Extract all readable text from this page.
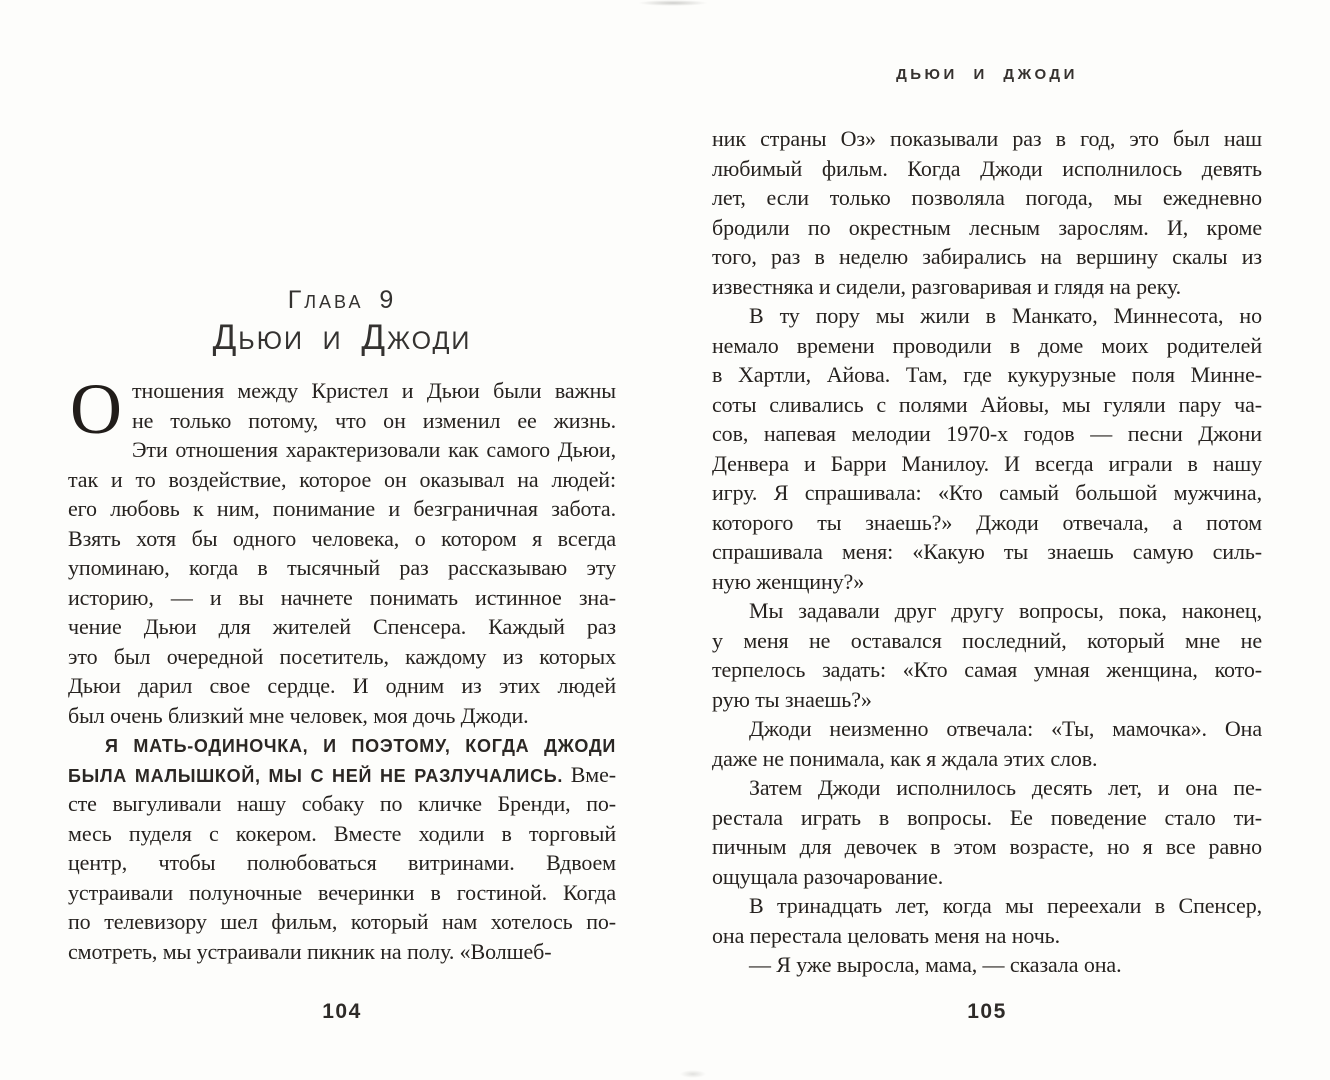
Глава 9
Дьюи и Джоди
О тношения между Кристел и Дьюи были важны
не только потому, что он изменил ее жизнь.
Эти отношения характеризовали как самого Дьюи,
так и то воздействие, которое он оказывал на людей:
его любовь к ним, понимание и безграничная забота.
Взять хотя бы одного человека, о котором я всегда
упоминаю, когда в тысячный раз рассказываю эту
историю, — и вы начнете понимать истинное зна-
чение Дьюи для жителей Спенсера. Каждый раз
это был очередной посетитель, каждому из которых
Дьюи дарил свое сердце. И одним из этих людей
был очень близкий мне человек, моя дочь Джоди.
Я МАТЬ-ОДИНОЧКА, И ПОЭТОМУ, КОГДА ДЖОДИ
БЫЛА МАЛЫШКОЙ, МЫ С НЕЙ НЕ РАЗЛУЧАЛИСЬ. Вме-
сте выгуливали нашу собаку по кличке Бренди, по-
месь пуделя с кокером. Вместе ходили в торговый
центр, чтобы полюбоваться витринами. Вдвоем
устраивали полуночные вечеринки в гостиной. Когда
по телевизору шел фильм, который нам хотелось по-
смотреть, мы устраивали пикник на полу. «Волшеб-
104
ДЬЮИ И ДЖОДИ
ник страны Оз» показывали раз в год, это был наш
любимый фильм. Когда Джоди исполнилось девять
лет, если только позволяла погода, мы ежедневно
бродили по окрестным лесным зарослям. И, кроме
того, раз в неделю забирались на вершину скалы из
известняка и сидели, разговаривая и глядя на реку.
В ту пору мы жили в Манкато, Миннесота, но
немало времени проводили в доме моих родителей
в Хартли, Айова. Там, где кукурузные поля Минне-
соты сливались с полями Айовы, мы гуляли пару ча-
сов, напевая мелодии 1970-х годов — песни Джони
Денвера и Барри Манилоу. И всегда играли в нашу
игру. Я спрашивала: «Кто самый большой мужчина,
которого ты знаешь?» Джоди отвечала, а потом
спрашивала меня: «Какую ты знаешь самую силь-
ную женщину?»
Мы задавали друг другу вопросы, пока, наконец,
у меня не оставался последний, который мне не
терпелось задать: «Кто самая умная женщина, кото-
рую ты знаешь?»
Джоди неизменно отвечала: «Ты, мамочка». Она
даже не понимала, как я ждала этих слов.
Затем Джоди исполнилось десять лет, и она пе-
рестала играть в вопросы. Ее поведение стало ти-
пичным для девочек в этом возрасте, но я все равно
ощущала разочарование.
В тринадцать лет, когда мы переехали в Спенсер,
она перестала целовать меня на ночь.
— Я уже выросла, мама, — сказала она.
105
